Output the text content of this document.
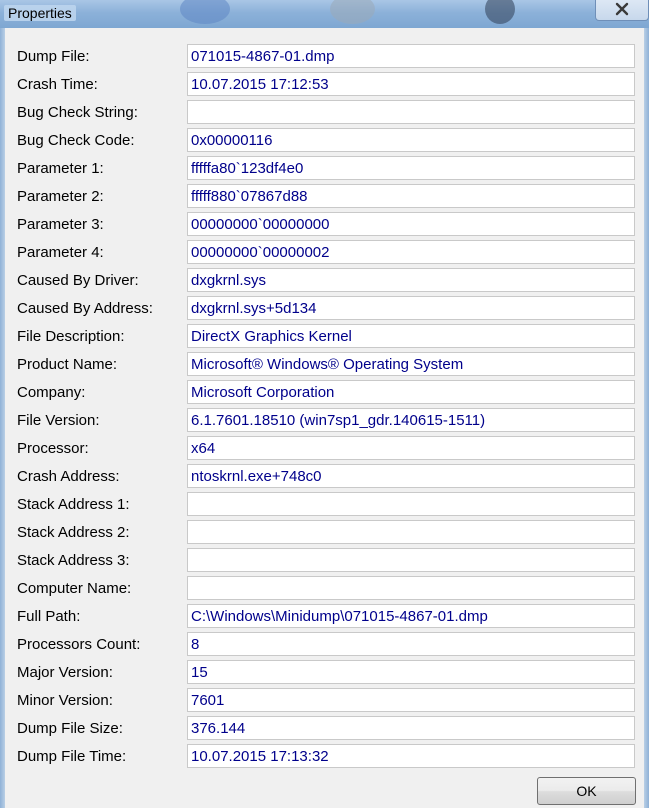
Properties
Dump File:	071015-4867-01.dmp
Crash Time:	10.07.2015 17:12:53
Bug Check String:
Bug Check Code:	0x00000116
Parameter 1:	fffffa80`123df4e0
Parameter 2:	fffff880`07867d88
Parameter 3:	00000000`00000000
Parameter 4:	00000000`00000002
Caused By Driver:	dxgkrnl.sys
Caused By Address:	dxgkrnl.sys+5d134
File Description:	DirectX Graphics Kernel
Product Name:	Microsoft® Windows® Operating System
Company:	Microsoft Corporation
File Version:	6.1.7601.18510 (win7sp1_gdr.140615-1511)
Processor:	x64
Crash Address:	ntoskrnl.exe+748c0
Stack Address 1:
Stack Address 2:
Stack Address 3:
Computer Name:
Full Path:	C:\Windows\Minidump\071015-4867-01.dmp
Processors Count:	8
Major Version:	15
Minor Version:	7601
Dump File Size:	376.144
Dump File Time:	10.07.2015 17:13:32
OK
